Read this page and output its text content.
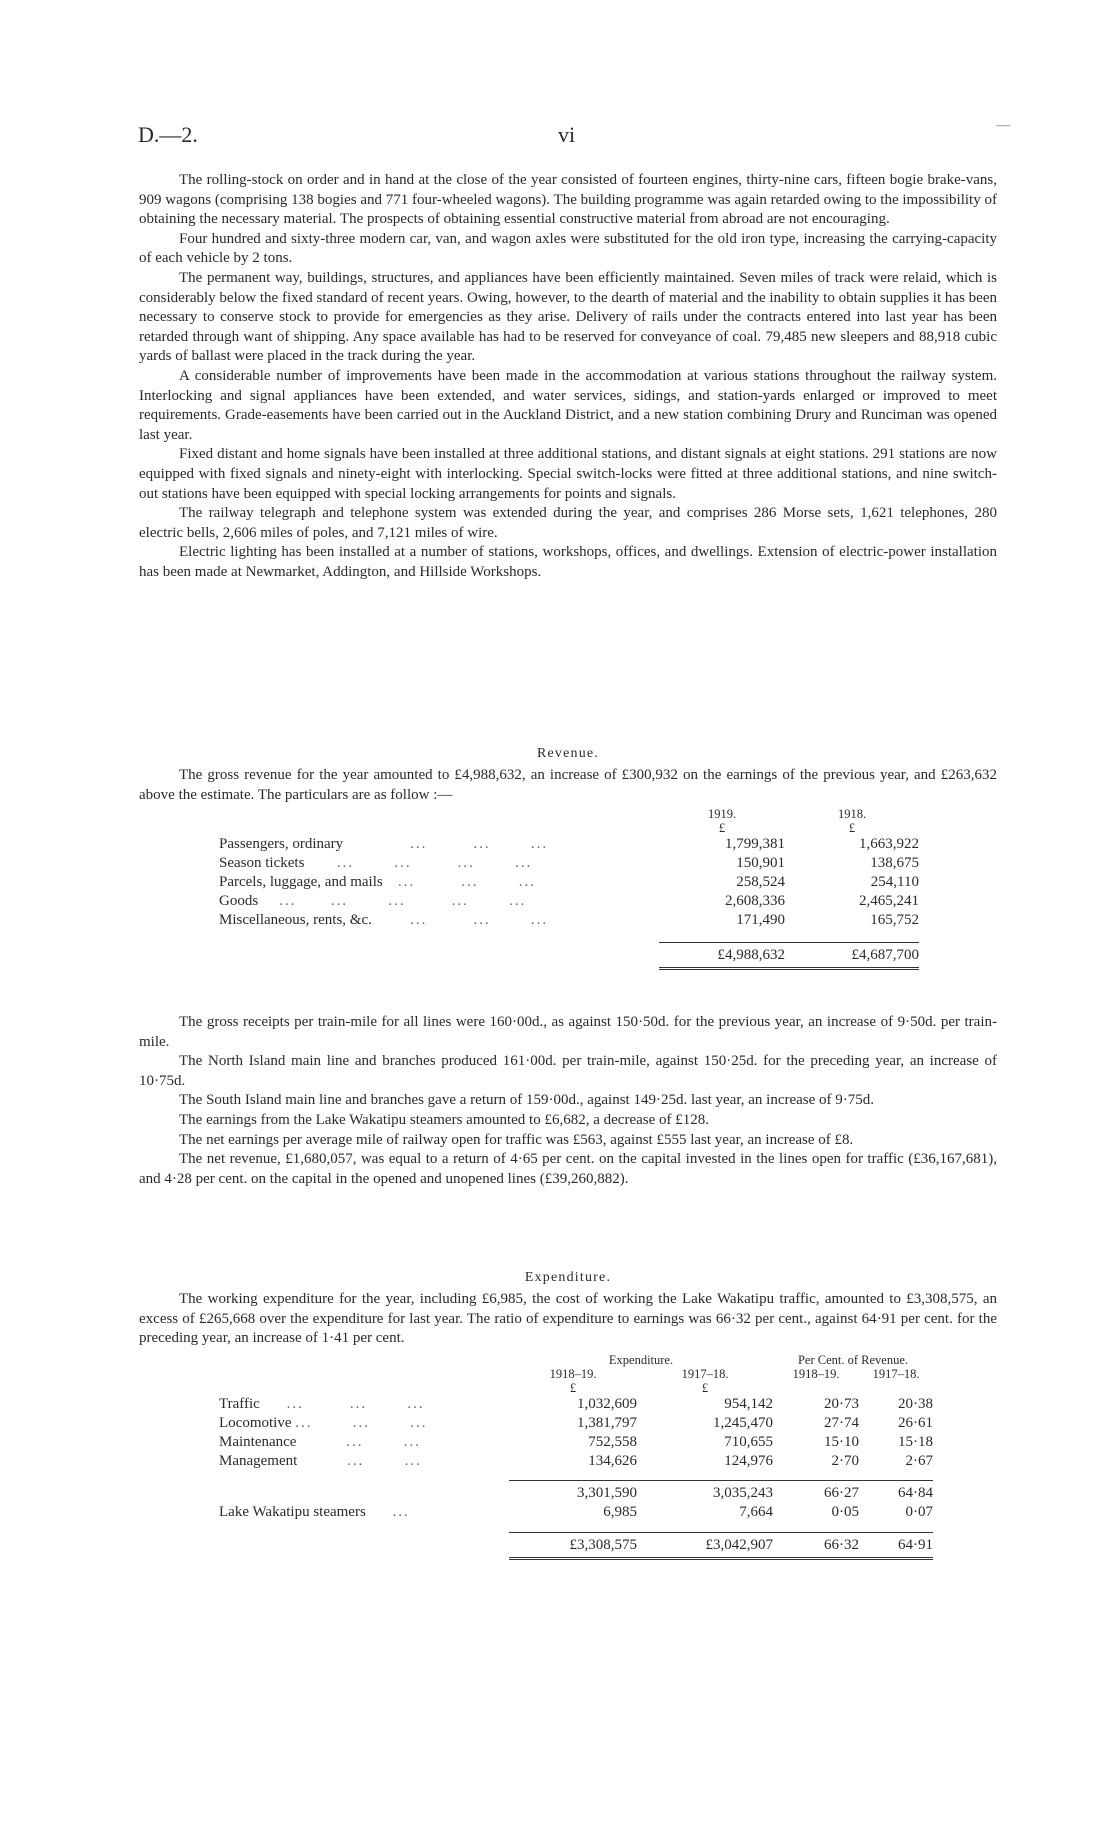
D.—2.	vi	—

The rolling-stock on order and in hand at the close of the year consisted of fourteen engines, thirty-nine cars, fifteen bogie brake-vans, 909 wagons (comprising 138 bogies and 771 four-wheeled wagons). The building programme was again retarded owing to the impossibility of obtaining the necessary material. The prospects of obtaining essential constructive material from abroad are not encouraging.

Four hundred and sixty-three modern car, van, and wagon axles were substituted for the old iron type, increasing the carrying-capacity of each vehicle by 2 tons.

The permanent way, buildings, structures, and appliances have been efficiently maintained. Seven miles of track were relaid, which is considerably below the fixed standard of recent years. Owing, however, to the dearth of material and the inability to obtain supplies it has been necessary to conserve stock to provide for emergencies as they arise. Delivery of rails under the contracts entered into last year has been retarded through want of shipping. Any space available has had to be reserved for conveyance of coal. 79,485 new sleepers and 88,918 cubic yards of ballast were placed in the track during the year.

A considerable number of improvements have been made in the accommodation at various stations throughout the railway system. Interlocking and signal appliances have been extended, and water services, sidings, and station-yards enlarged or improved to meet requirements. Grade-easements have been carried out in the Auckland District, and a new station combining Drury and Runciman was opened last year.

Fixed distant and home signals have been installed at three additional stations, and distant signals at eight stations. 291 stations are now equipped with fixed signals and ninety-eight with interlocking. Special switch-locks were fitted at three additional stations, and nine switch-out stations have been equipped with special locking arrangements for points and signals.

The railway telegraph and telephone system was extended during the year, and comprises 286 Morse sets, 1,621 telephones, 280 electric bells, 2,606 miles of poles, and 7,121 miles of wire.

Electric lighting has been installed at a number of stations, workshops, offices, and dwellings. Extension of electric-power installation has been made at Newmarket, Addington, and Hillside Workshops.

Revenue.

The gross revenue for the year amounted to £4,988,632, an increase of £300,932 on the earnings of the previous year, and £263,632 above the estimate. The particulars are as follow :—

	1919.	1918.
	£	£
Passengers, ordinary            ...        ...       ...	1,799,381	1,663,922
Season tickets      ...       ...        ...       ...	150,901	138,675
Parcels, luggage, and mails   ...        ...       ...	258,524	254,110
Goods    ...      ...       ...        ...       ...	2,608,336	2,465,241
Miscellaneous, rents, &c.       ...        ...       ...	171,490	165,752

	£4,988,632	£4,687,700

The gross receipts per train-mile for all lines were 160·00d., as against 150·50d. for the previous year, an increase of 9·50d. per train-mile.

The North Island main line and branches produced 161·00d. per train-mile, against 150·25d. for the preceding year, an increase of 10·75d.

The South Island main line and branches gave a return of 159·00d., against 149·25d. last year, an increase of 9·75d.

The earnings from the Lake Wakatipu steamers amounted to £6,682, a decrease of £128.

The net earnings per average mile of railway open for traffic was £563, against £555 last year, an increase of £8.

The net revenue, £1,680,057, was equal to a return of 4·65 per cent. on the capital invested in the lines open for traffic (£36,167,681), and 4·28 per cent. on the capital in the opened and unopened lines (£39,260,882).

Expenditure.

The working expenditure for the year, including £6,985, the cost of working the Lake Wakatipu traffic, amounted to £3,308,575, an excess of £265,668 over the expenditure for last year. The ratio of expenditure to earnings was 66·32 per cent., against 64·91 per cent. for the preceding year, an increase of 1·41 per cent.

	Expenditure.		Per Cent. of Revenue.	
	1918–19.	1917–18.	1918–19.	1917–18.
	£	£		
Traffic     ...        ...       ...	1,032,609	954,142	20·73	20·38
Locomotive ...       ...       ...	1,381,797	1,245,470	27·74	26·61
Maintenance         ...       ...	752,558	710,655	15·10	15·18
Management         ...       ...	134,626	124,976	2·70	2·67

	3,301,590	3,035,243	66·27	64·84
Lake Wakatipu steamers     ...	6,985	7,664	0·05	0·07

	£3,308,575	£3,042,907	66·32	64·91
